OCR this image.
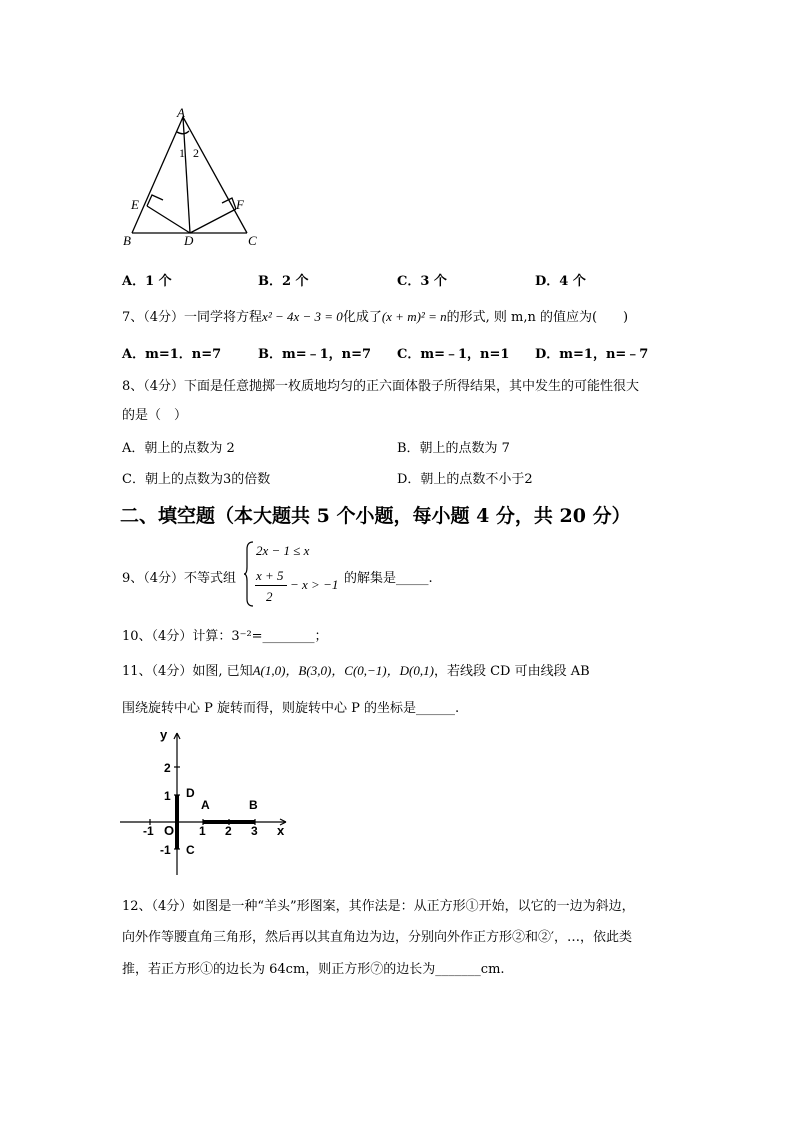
A
1 2
E	F
B	D	C
A．1 个	B．2 个	C．3 个	D．4 个
7、（4分）一同学将方程x² − 4x − 3 = 0化成了(x + m)² = n的形式, 则 m,n 的值应为(　　)
A．m=1．n=7	B．m=﹣1，n=7 C．m=﹣1，n=1 D．m=1，n=﹣7
8、（4分）下面是任意抛掷一枚质地均匀的正六面体骰子所得结果，其中发生的可能性很大
的是（　）
A．朝上的点数为 2	B．朝上的点数为 7
C．朝上的点数为3的倍数	D．朝上的点数不小于2
二、填空题（本大题共 5 个小题，每小题 4 分，共 20 分）
9、（4分）不等式组
2x − 1 ≤ x
x + 5
2
− x > −1 的解集是_____.
10、（4分）计算：3⁻²=________；
11、（4分）如图, 已知A(1,0)，B(3,0)，C(0,−1)，D(0,1)，若线段 CD 可由线段 AB
围绕旋转中心 P 旋转而得，则旋转中心 P 的坐标是______.
y
x
2
1
-1
-1	1 2 3
O
A	B
C
D
12、（4分）如图是一种“羊头”形图案，其作法是：从正方形①开始，以它的一边为斜边，
向外作等腰直角三角形，然后再以其直角边为边，分别向外作正方形②和②′，…，依此类
推，若正方形①的边长为 64cm，则正方形⑦的边长为_______cm.
